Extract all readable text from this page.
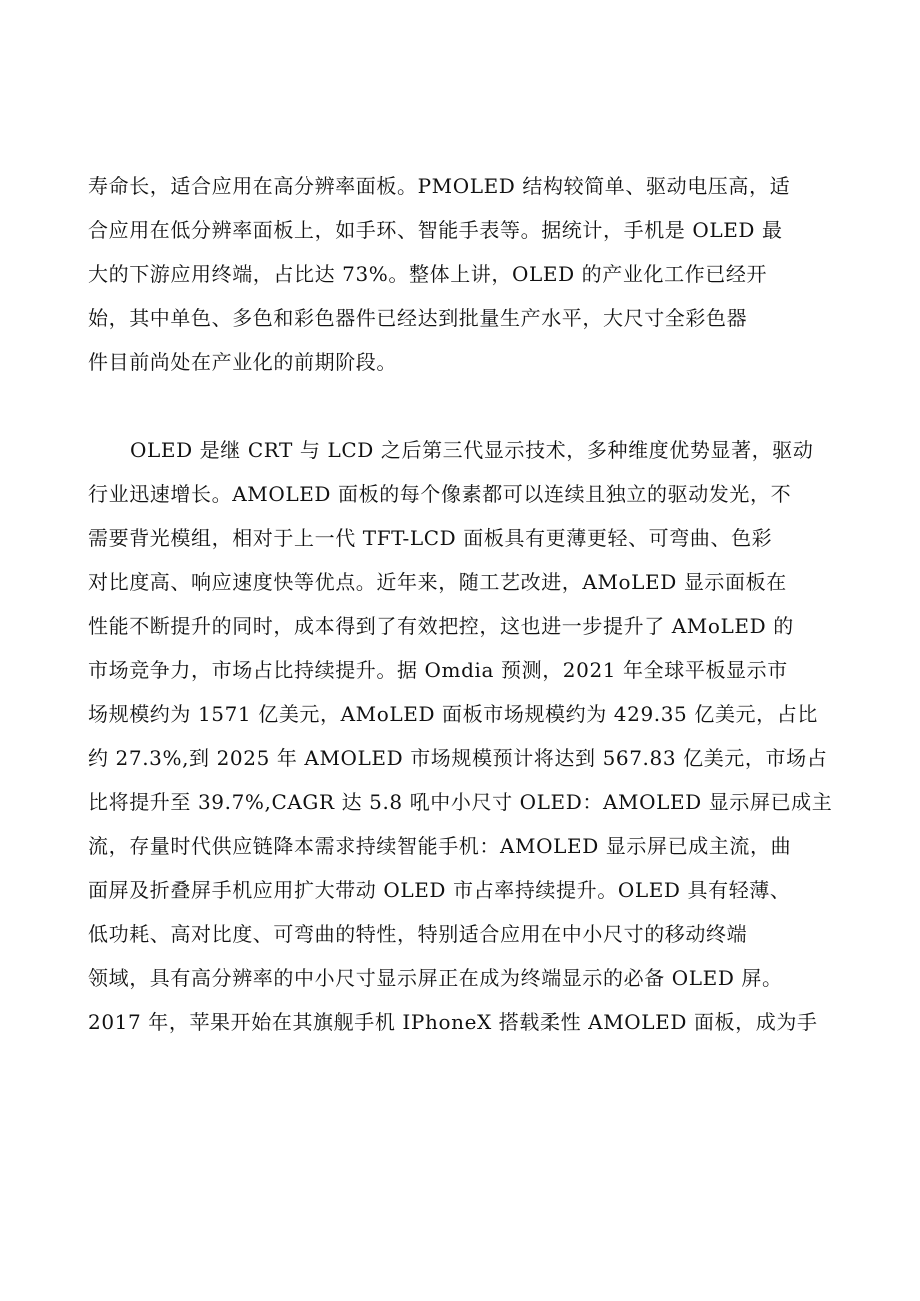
寿命长，适合应用在高分辨率面板。PMOLED 结构较简单、驱动电压高，适
合应用在低分辨率面板上，如手环、智能手表等。据统计，手机是 OLED 最
大的下游应用终端，占比达 73%。整体上讲，OLED 的产业化工作已经开
始，其中单色、多色和彩色器件已经达到批量生产水平，大尺寸全彩色器
件目前尚处在产业化的前期阶段。
OLED 是继 CRT 与 LCD 之后第三代显示技术，多种维度优势显著，驱动
行业迅速增长。AMOLED 面板的每个像素都可以连续且独立的驱动发光，不
需要背光模组，相对于上一代 TFT-LCD 面板具有更薄更轻、可弯曲、色彩
对比度高、响应速度快等优点。近年来，随工艺改进，AMoLED 显示面板在
性能不断提升的同时，成本得到了有效把控，这也进一步提升了 AMoLED 的
市场竞争力，市场占比持续提升。据 Omdia 预测，2021 年全球平板显示市
场规模约为 1571 亿美元，AMoLED 面板市场规模约为 429.35 亿美元，占比
约 27.3%,到 2025 年 AMOLED 市场规模预计将达到 567.83 亿美元，市场占
比将提升至 39.7%,CAGR 达 5.8 吼中小尺寸 OLED：AMOLED 显示屏已成主
流，存量时代供应链降本需求持续智能手机：AMOLED 显示屏已成主流，曲
面屏及折叠屏手机应用扩大带动 OLED 市占率持续提升。OLED 具有轻薄、
低功耗、高对比度、可弯曲的特性，特别适合应用在中小尺寸的移动终端
领域，具有高分辨率的中小尺寸显示屏正在成为终端显示的必备 OLED 屏。
2017 年，苹果开始在其旗舰手机 IPhoneX 搭载柔性 AMOLED 面板，成为手
